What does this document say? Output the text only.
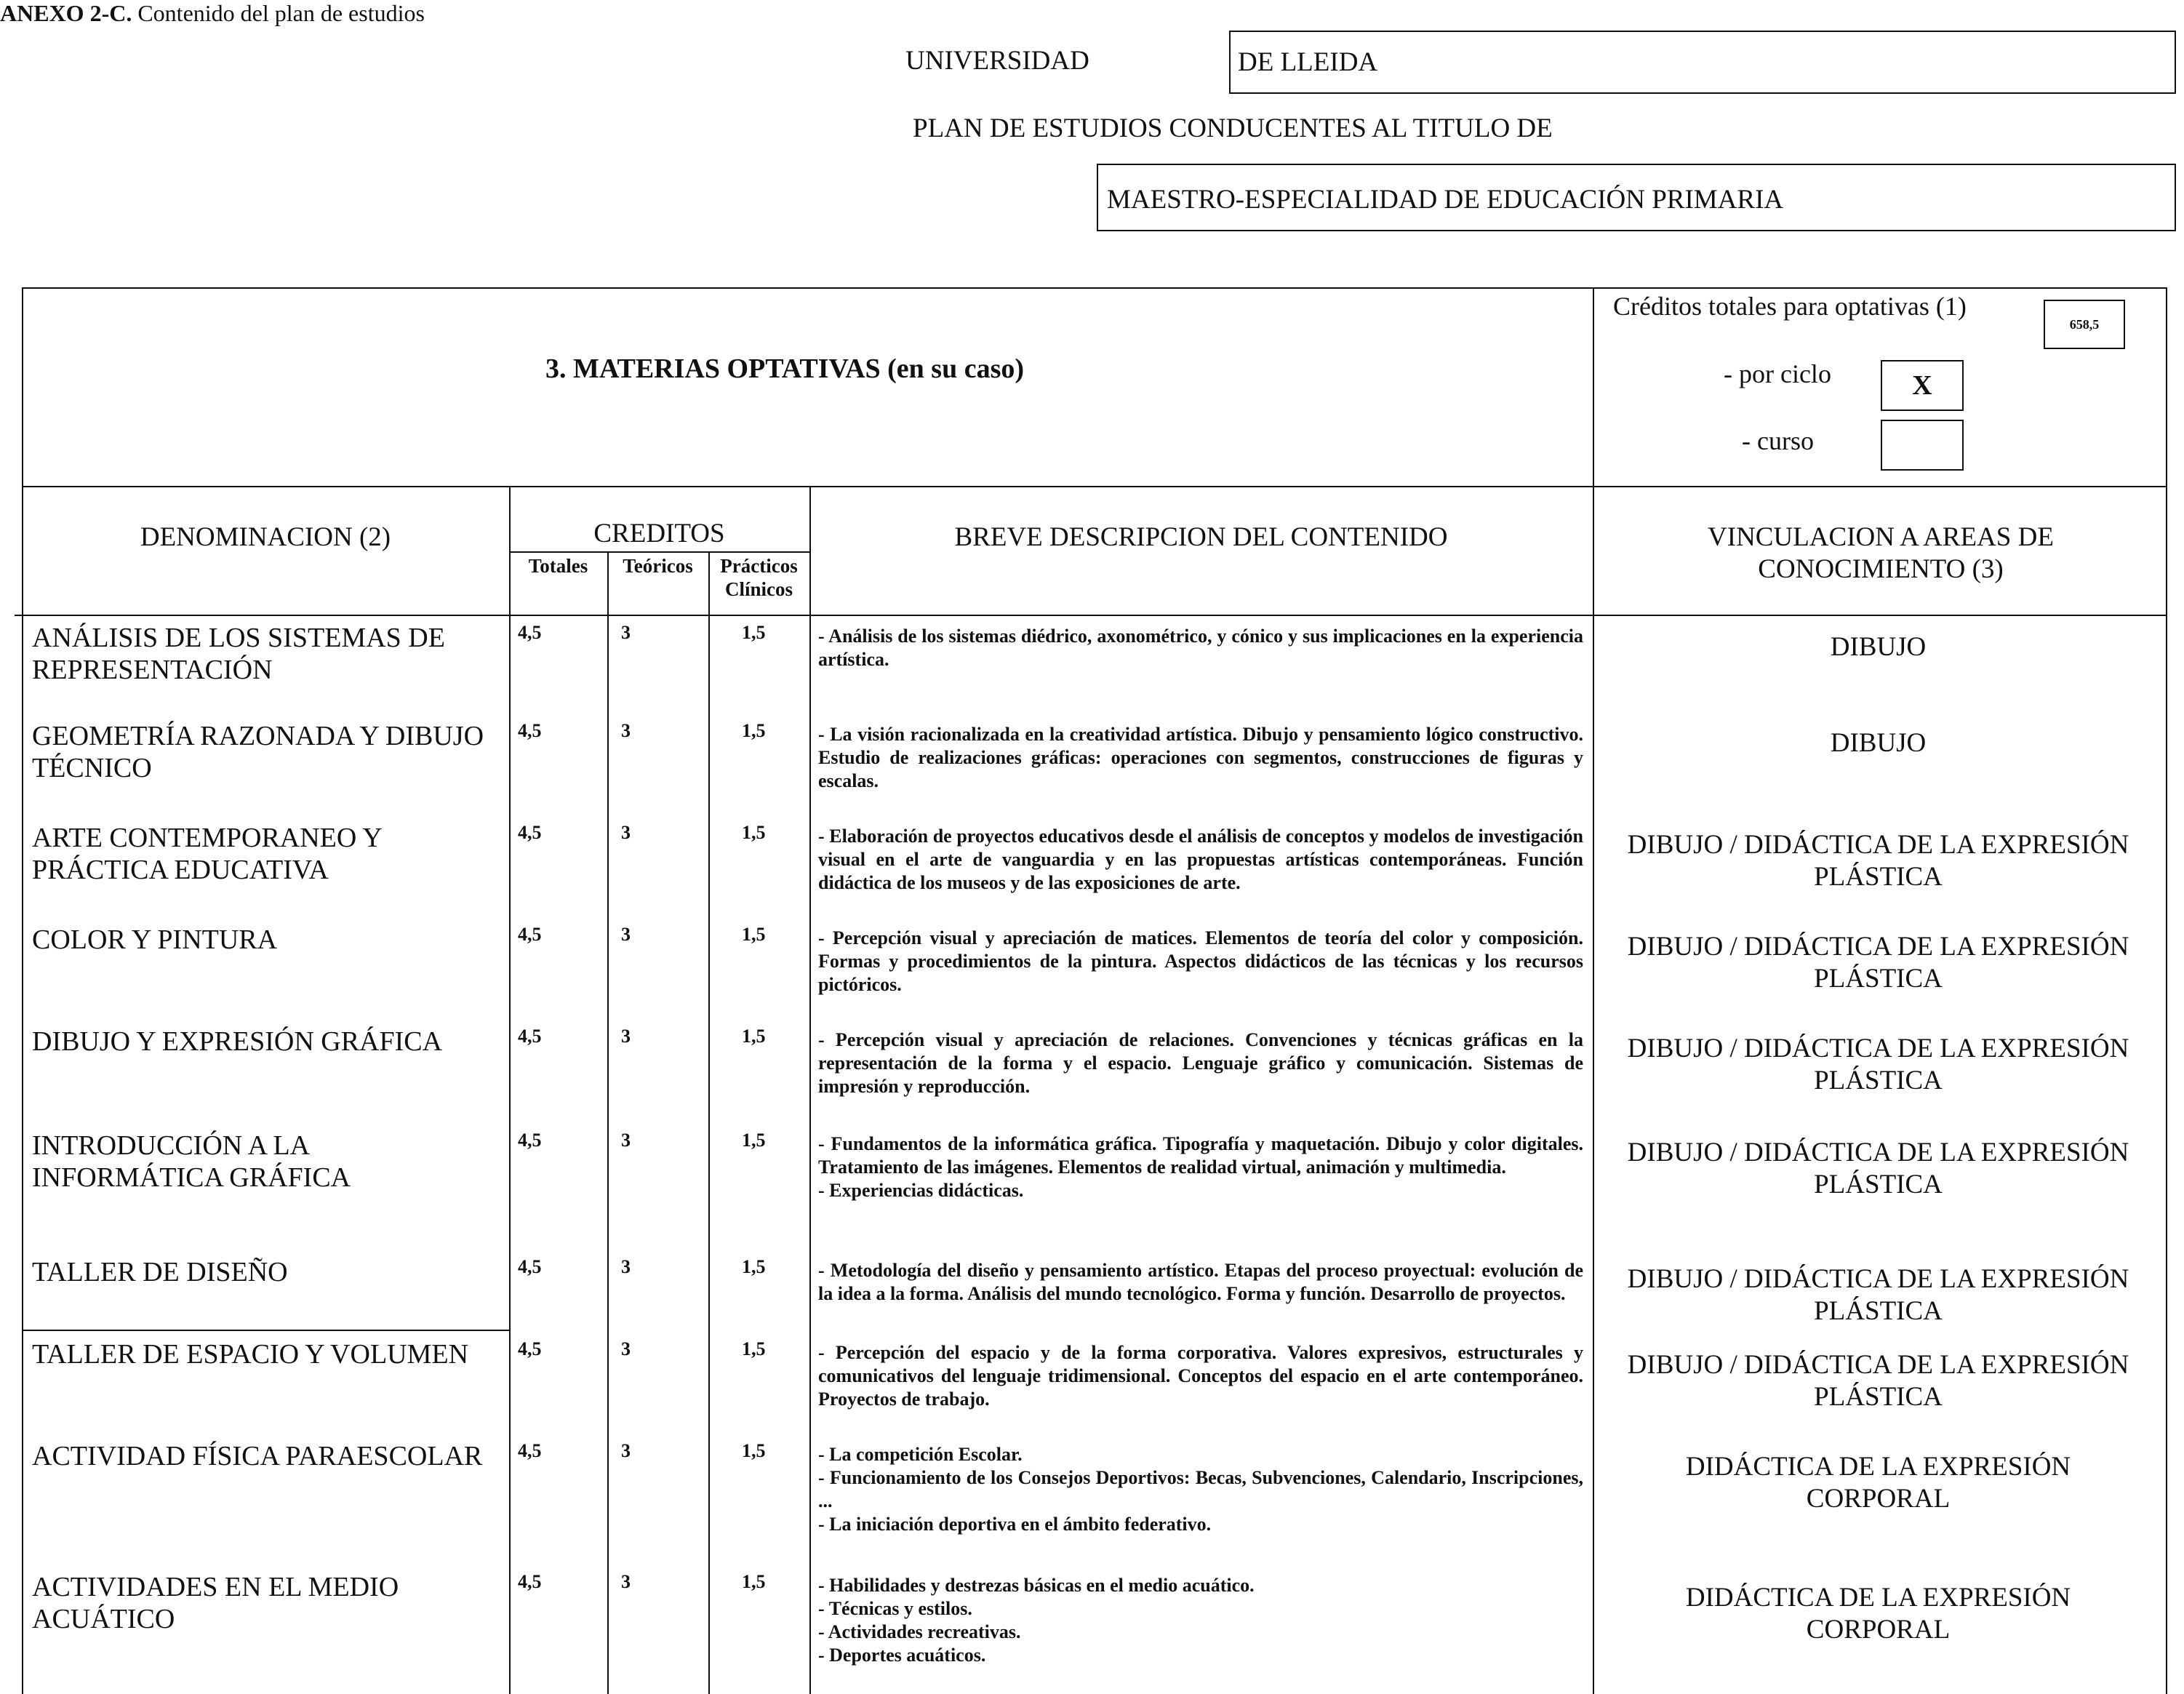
ANEXO 2-C. Contenido del plan de estudios
UNIVERSIDAD	DE LLEIDA
PLAN DE ESTUDIOS CONDUCENTES AL TITULO DE
MAESTRO-ESPECIALIDAD DE EDUCACIÓN PRIMARIA
3. MATERIAS OPTATIVAS (en su caso)
Créditos totales para optativas (1)
658,5
- por ciclo	X
- curso
DENOMINACION (2)	CREDITOS
Totales	Teóricos	Prácticos
Clínicos
BREVE DESCRIPCION DEL CONTENIDO	VINCULACION A AREAS DE
CONOCIMIENTO (3)
ANÁLISIS DE LOS SISTEMAS DE
REPRESENTACIÓN
4,5	3	1,5	- Análisis de los sistemas diédrico, axonométrico, y cónico y sus implicaciones en la experiencia artística.	DIBUJO
GEOMETRÍA RAZONADA Y DIBUJO
TÉCNICO
4,5	3	1,5	- La visión racionalizada en la creatividad artística. Dibujo y pensamiento lógico constructivo. Estudio de realizaciones gráficas: operaciones con segmentos, construcciones de figuras y escalas.
DIBUJO
ARTE CONTEMPORANEO Y
PRÁCTICA EDUCATIVA
4,5	3	1,5	- Elaboración de proyectos educativos desde el análisis de conceptos y modelos de investigación visual en el arte de vanguardia y en las propuestas artísticas contemporáneas. Función didáctica de los museos y de las exposiciones de arte.
DIBUJO / DIDÁCTICA DE LA EXPRESIÓN
PLÁSTICA
COLOR Y PINTURA	4,5	3	1,5	- Percepción visual y apreciación de matices. Elementos de teoría del color y composición. Formas y procedimientos de la pintura. Aspectos didácticos de las técnicas y los recursos pictóricos.
DIBUJO / DIDÁCTICA DE LA EXPRESIÓN
PLÁSTICA
DIBUJO Y EXPRESIÓN GRÁFICA	4,5	3	1,5	- Percepción visual y apreciación de relaciones. Convenciones y técnicas gráficas en la representación de la forma y el espacio. Lenguaje gráfico y comunicación. Sistemas de impresión y reproducción.
DIBUJO / DIDÁCTICA DE LA EXPRESIÓN
PLÁSTICA
INTRODUCCIÓN A LA
INFORMÁTICA GRÁFICA
4,5	3	1,5	- Fundamentos de la informática gráfica. Tipografía y maquetación. Dibujo y color digitales. Tratamiento de las imágenes. Elementos de realidad virtual, animación y multimedia.
- Experiencias didácticas.
DIBUJO / DIDÁCTICA DE LA EXPRESIÓN
PLÁSTICA
TALLER DE DISEÑO	4,5	3	1,5	- Metodología del diseño y pensamiento artístico. Etapas del proceso proyectual: evolución de la idea a la forma. Análisis del mundo tecnológico. Forma y función. Desarrollo de proyectos.	DIBUJO / DIDÁCTICA DE LA EXPRESIÓN
PLÁSTICA
TALLER DE ESPACIO Y VOLUMEN	4,5	3	1,5	- Percepción del espacio y de la forma corporativa. Valores expresivos, estructurales y comunicativos del lenguaje tridimensional. Conceptos del espacio en el arte contemporáneo. Proyectos de trabajo.
DIBUJO / DIDÁCTICA DE LA EXPRESIÓN
PLÁSTICA
ACTIVIDAD FÍSICA PARAESCOLAR	4,5	3	1,5	- La competición Escolar.
- Funcionamiento de los Consejos Deportivos: Becas, Subvenciones, Calendario, Inscripciones, ...
- La iniciación deportiva en el ámbito federativo.
DIDÁCTICA DE LA EXPRESIÓN
CORPORAL
ACTIVIDADES EN EL MEDIO
ACUÁTICO
4,5	3	1,5	- Habilidades y destrezas básicas en el medio acuático.
- Técnicas y estilos.
- Actividades recreativas.
- Deportes acuáticos.
DIDÁCTICA DE LA EXPRESIÓN
CORPORAL
